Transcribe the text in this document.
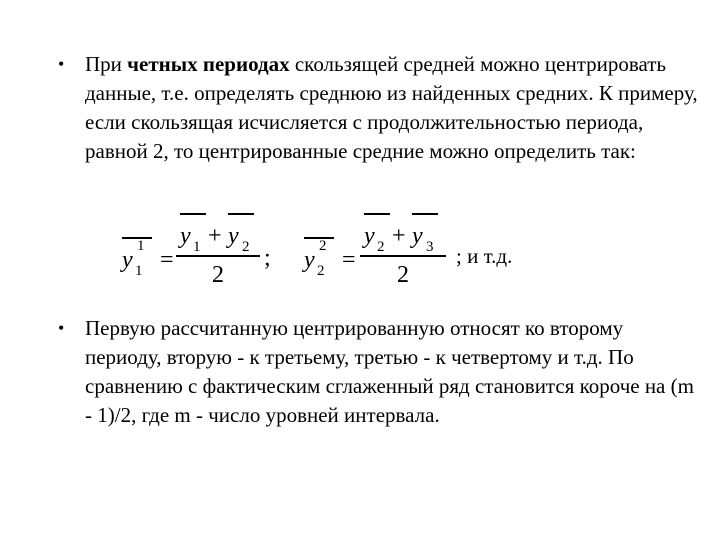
• При четных периодах скользящей средней можно центрировать данные, т.е. определять среднюю из найденных средних. К примеру, если скользящая исчисляется с продолжительностью периода, равной 2, то центрированные средние можно определить так:
y
1
1 =
y 1 + y 2
2
; y
2
2 =
y 2 + y 3
2
; и т.д.
• Первую рассчитанную центрированную относят ко второму периоду, вторую - к третьему, третью - к четвертому и т.д. По сравнению с фактическим сглаженный ряд становится короче на (m - 1)/2, где m - число уровней интервала.
